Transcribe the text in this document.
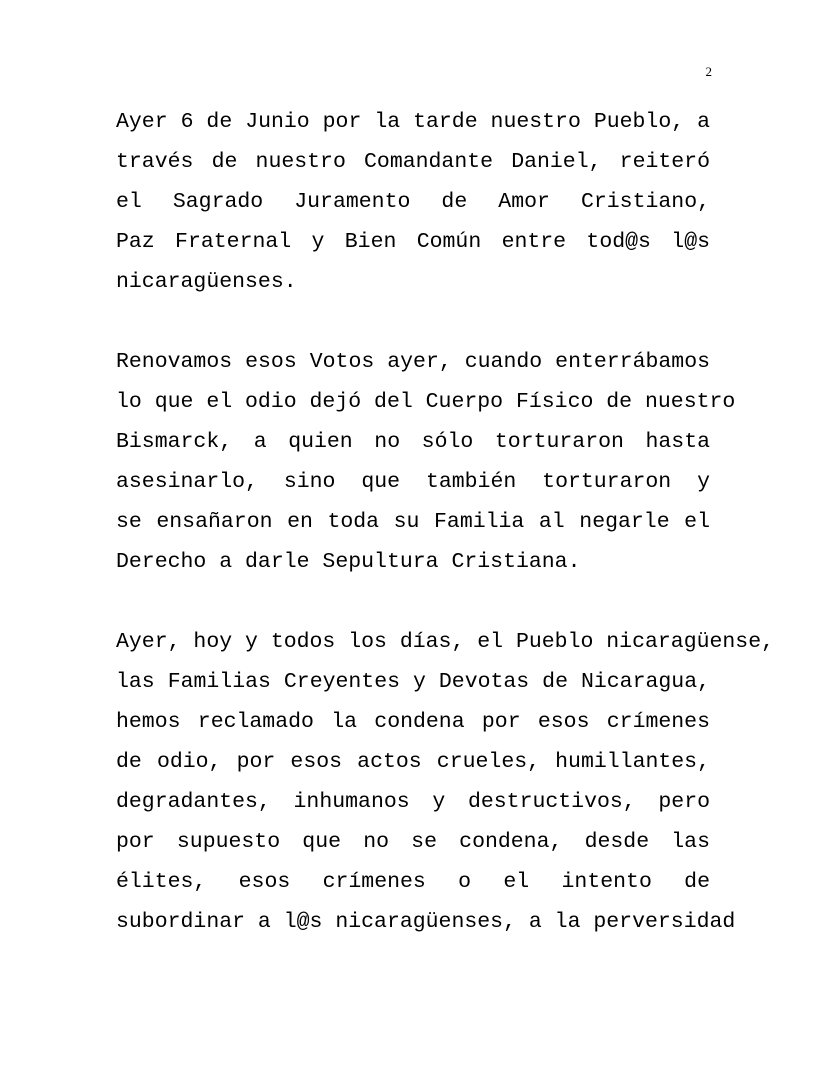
2
Ayer 6 de Junio por la tarde nuestro Pueblo, a
través de nuestro Comandante Daniel, reiteró
el Sagrado Juramento de Amor Cristiano,
Paz Fraternal y Bien Común entre tod@s l@s
nicaragüenses.
Renovamos esos Votos ayer, cuando enterrábamos
lo que el odio dejó del Cuerpo Físico de nuestro
Bismarck, a quien no sólo torturaron hasta
asesinarlo, sino que también torturaron y
se ensañaron en toda su Familia al negarle el
Derecho a darle Sepultura Cristiana.
Ayer, hoy y todos los días, el Pueblo nicaragüense,
las Familias Creyentes y Devotas de Nicaragua,
hemos reclamado la condena por esos crímenes
de odio, por esos actos crueles, humillantes,
degradantes, inhumanos y destructivos, pero
por supuesto que no se condena, desde las
élites, esos crímenes o el intento de
subordinar a l@s nicaragüenses, a la perversidad
